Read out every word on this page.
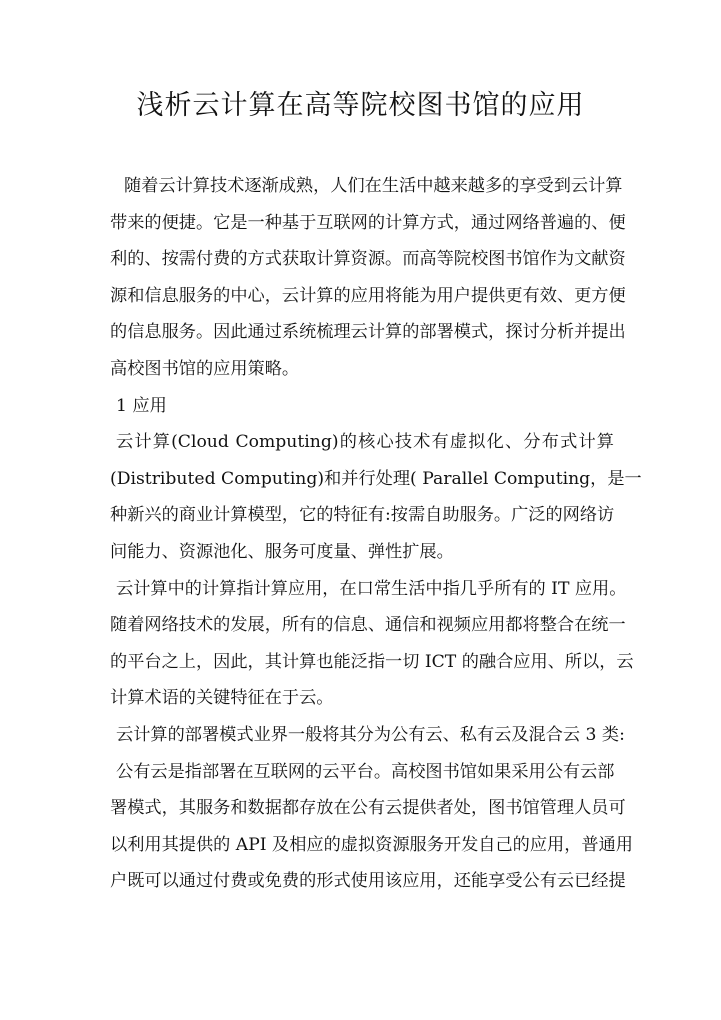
浅析云计算在高等院校图书馆的应用
随着云计算技术逐渐成熟，人们在生活中越来越多的享受到云计算
带来的便捷。它是一种基于互联网的计算方式，通过网络普遍的、便
利的、按需付费的方式获取计算资源。而高等院校图书馆作为文献资
源和信息服务的中心，云计算的应用将能为用户提供更有效、更方便
的信息服务。因此通过系统梳理云计算的部署模式，探讨分析并提出
高校图书馆的应用策略。
1 应用
云计算(Cloud Computing)的核心技术有虚拟化、分布式计算
(Distributed Computing)和并行处理( Parallel Computing，是一
种新兴的商业计算模型，它的特征有:按需自助服务。广泛的网络访
问能力、资源池化、服务可度量、弹性扩展。
云计算中的计算指计算应用，在口常生活中指几乎所有的 IT 应用。
随着网络技术的发展，所有的信息、通信和视频应用都将整合在统一
的平台之上，因此，其计算也能泛指一切 ICT 的融合应用、所以，云
计算术语的关键特征在于云。
云计算的部署模式业界一般将其分为公有云、私有云及混合云 3 类:
公有云是指部署在互联网的云平台。高校图书馆如果采用公有云部
署模式，其服务和数据都存放在公有云提供者处，图书馆管理人员可
以利用其提供的 API 及相应的虚拟资源服务开发自己的应用，普通用
户既可以通过付费或免费的形式使用该应用，还能享受公有云已经提
